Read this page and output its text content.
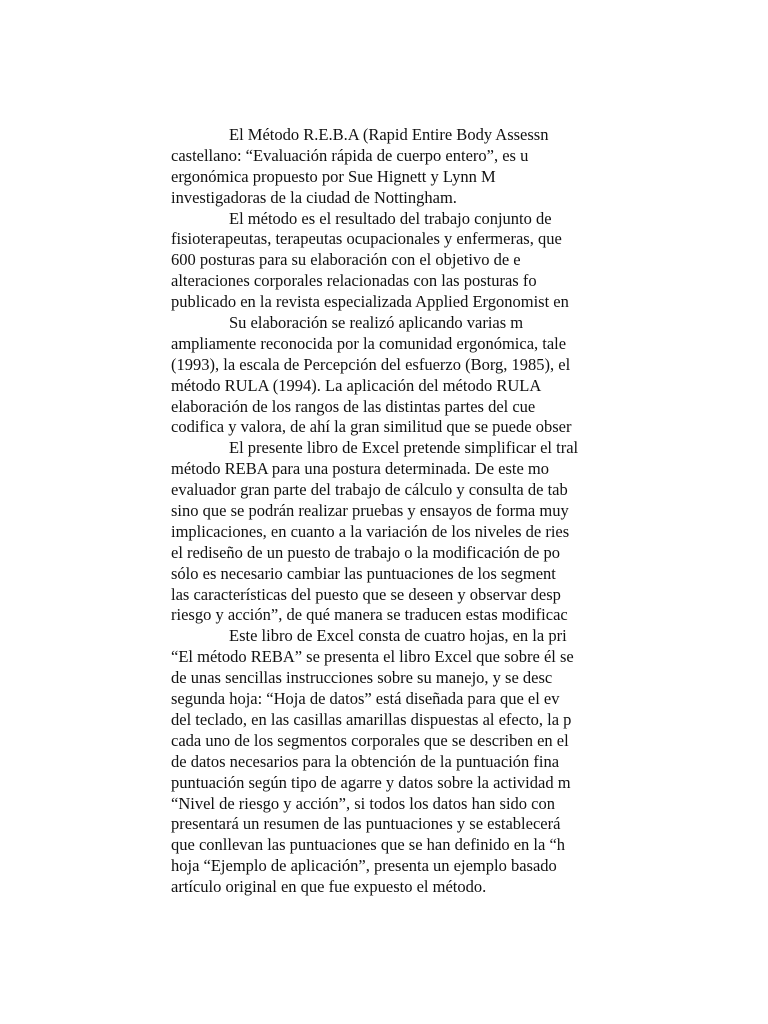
El Método R.E.B.A (Rapid Entire Body Assessn
castellano: “Evaluación rápida de cuerpo entero”, es u
ergonómica propuesto por Sue Hignett y Lynn M
investigadoras de la ciudad de Nottingham.
El método es el resultado del trabajo conjunto de
fisioterapeutas, terapeutas ocupacionales y enfermeras, que
600 posturas para su elaboración con el objetivo de e
alteraciones corporales relacionadas con las posturas fo
publicado en la revista especializada Applied Ergonomist en
Su elaboración se realizó aplicando varias m
ampliamente reconocida por la comunidad ergonómica, tale
(1993), la escala de Percepción del esfuerzo (Borg, 1985), el
método RULA (1994). La aplicación del método RULA
elaboración de los rangos de las distintas partes del cue
codifica y valora, de ahí la gran similitud que se puede obser
El presente libro de Excel pretende simplificar el tral
método REBA para una postura determinada. De este mo
evaluador gran parte del trabajo de cálculo y consulta de tab
sino que se podrán realizar pruebas y ensayos de forma muy
implicaciones, en cuanto a la variación de los niveles de ries
el rediseño de un puesto de trabajo o la modificación de po
sólo es necesario cambiar las puntuaciones de los segment
las características del puesto que se deseen y observar desp
riesgo y acción”, de qué manera se traducen estas modificac
Este libro de Excel consta de cuatro hojas, en la pri
“El método REBA” se presenta el libro Excel que sobre él se
de unas sencillas instrucciones sobre su manejo, y se desc
segunda hoja: “Hoja de datos” está diseñada para que el ev
del teclado, en las casillas amarillas dispuestas al efecto, la p
cada uno de los segmentos corporales que se describen en el
de datos necesarios para la obtención de la puntuación fina
puntuación según tipo de agarre y datos sobre la actividad m
“Nivel de riesgo y acción”, si todos los datos han sido con
presentará un resumen de las puntuaciones y se establecerá
que conllevan las puntuaciones que se han definido en la “h
hoja “Ejemplo de aplicación”, presenta un ejemplo basado
artículo original en que fue expuesto el método.
